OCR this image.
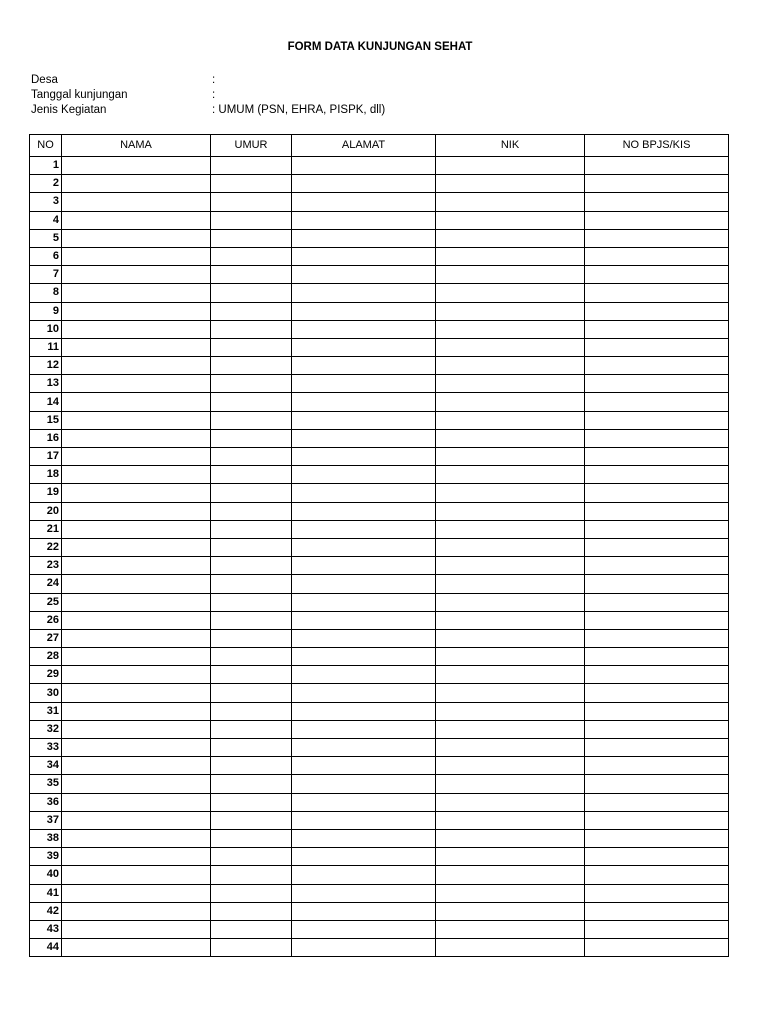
FORM DATA KUNJUNGAN SEHAT
Desa	:
Tanggal kunjungan	:
Jenis Kegiatan	: UMUM (PSN, EHRA, PISPK, dll)
NO	NAMA	UMUR	ALAMAT	NIK	NO BPJS/KIS
1					
2					
3					
4					
5					
6					
7					
8					
9					
10					
11					
12					
13					
14					
15					
16					
17					
18					
19					
20					
21					
22					
23					
24					
25					
26					
27					
28					
29					
30					
31					
32					
33					
34					
35					
36					
37					
38					
39					
40					
41					
42					
43					
44					
